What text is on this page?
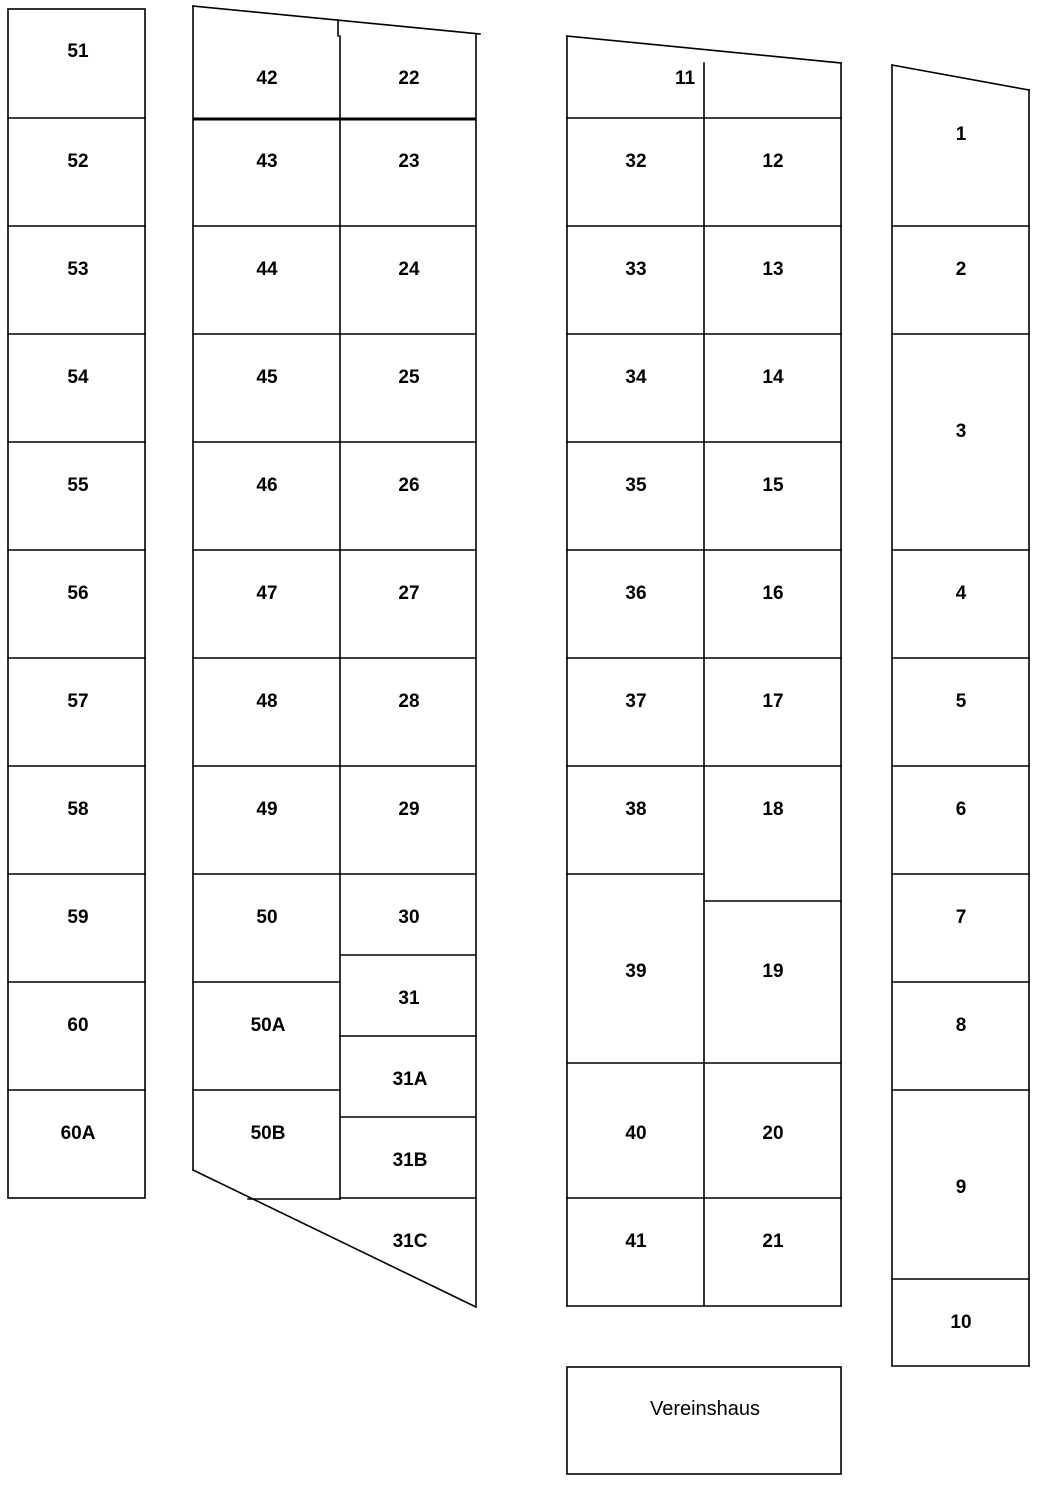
51
52
53
54
55
56
57
58
59
60
60A
42
43
44
45
46
47
48
49
50
50A
50B
22
23
24
25
26
27
28
29
30
31
31A
31B
31C
11
32
33
34
35
36
37
38
39
40
41
12
13
14
15
16
17
18
19
20
21
1
2
3
4
5
6
7
8
9
10
Vereinshaus
